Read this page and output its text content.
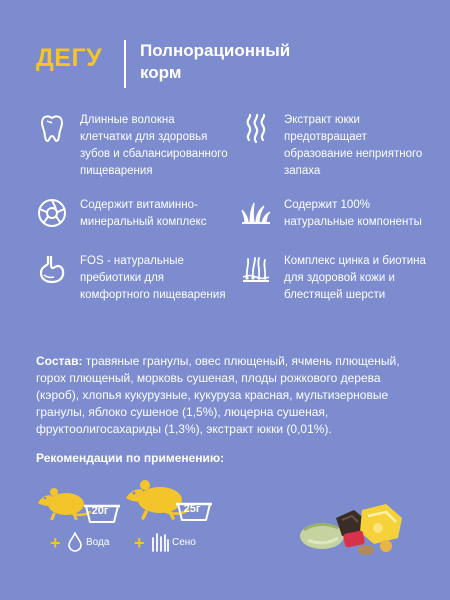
ДЕГУ Полнорационный
корм
Длинные волокна
клетчатки для здоровья
зубов и сбалансированного
пищеварения
Экстракт юкки
предотвращает
образование неприятного
запаха
Содержит витаминно-
минеральный комплекс
Содержит 100%
натуральные компоненты
FOS - натуральные
пребиотики для
комфортного пищеварения
Комплекс цинка и биотина
для здоровой кожи и
блестящей шерсти
Состав: травяные гранулы, овес плющеный, ячмень плющеный, горох плющеный, морковь сушеная, плоды рожкового дерева (кэроб), хлопья кукурузные, кукуруза красная, мультизерновые гранулы, яблоко сушеное (1,5%), люцерна сушеная, фруктоолигосахариды (1,3%), экстракт юкки (0,01%).
Рекомендации по применению:
20г	25г
+	Вода +	Сено
